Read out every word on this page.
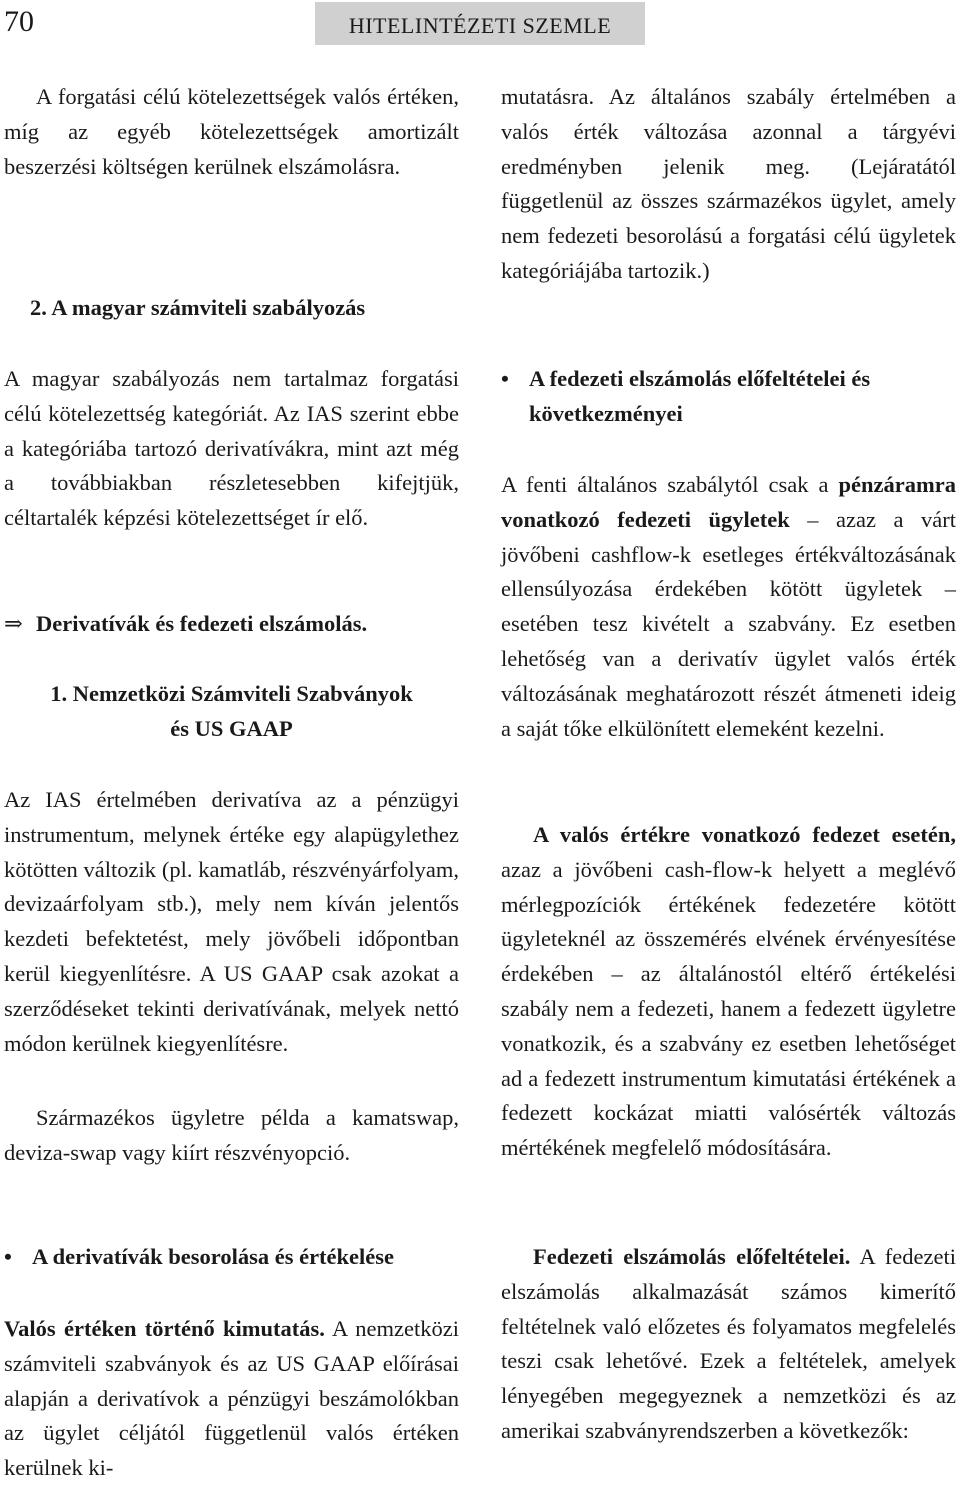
70	HITELINTÉZETI SZEMLE

A forgatási célú kötelezettségek valós értéken, míg az egyéb kötelezettségek amortizált beszerzési költségen kerülnek elszámolásra.

2. A magyar számviteli szabályozás

A magyar szabályozás nem tartalmaz forgatási célú kötelezettség kategóriát. Az IAS szerint ebbe a kategóriába tartozó derivatívákra, mint azt még a továbbiakban részletesebben kifejtjük, céltartalék képzési kötelezettséget ír elő.

⇒ Derivatívák és fedezeti elszámolás.
1. Nemzetközi Számviteli Szabványok
és US GAAP

Az IAS értelmében derivatíva az a pénzügyi instrumentum, melynek értéke egy alapügylethez kötötten változik (pl. kamatláb, részvényárfolyam, devizaárfolyam stb.), mely nem kíván jelentős kezdeti befektetést, mely jövőbeli időpontban kerül kiegyenlítésre. A US GAAP csak azokat a szerződéseket tekinti derivatívának, melyek nettó módon kerülnek kiegyenlítésre.

Származékos ügyletre példa a kamatswap, deviza-swap vagy kiírt részvényopció.

• A derivatívák besorolása és értékelése

Valós értéken történő kimutatás. A nemzetközi számviteli szabványok és az US GAAP előírásai alapján a derivatívok a pénzügyi beszámolókban az ügylet céljától függetlenül valós értéken kerülnek ki-

mutatásra. Az általános szabály értelmében a valós érték változása azonnal a tárgyévi eredményben jelenik meg. (Lejáratától függetlenül az összes származékos ügylet, amely nem fedezeti besorolású a forgatási célú ügyletek kategóriájába tartozik.)

• A fedezeti elszámolás előfeltételei és következményei

A fenti általános szabálytól csak a pénzáramra vonatkozó fedezeti ügyletek – azaz a várt jövőbeni cashflow-k esetleges értékváltozásának ellensúlyozása érdekében kötött ügyletek – esetében tesz kivételt a szabvány. Ez esetben lehetőség van a derivatív ügylet valós érték változásának meghatározott részét átmeneti ideig a saját tőke elkülönített elemeként kezelni.

A valós értékre vonatkozó fedezet esetén, azaz a jövőbeni cash-flow-k helyett a meglévő mérlegpozíciók értékének fedezetére kötött ügyleteknél az összemérés elvének érvényesítése érdekében – az általánostól eltérő értékelési szabály nem a fedezeti, hanem a fedezett ügyletre vonatkozik, és a szabvány ez esetben lehetőséget ad a fedezett instrumentum kimutatási értékének a fedezett kockázat miatti valósérték változás mértékének megfelelő módosítására.

Fedezeti elszámolás előfeltételei. A fedezeti elszámolás alkalmazását számos kimerítő feltételnek való előzetes és folyamatos megfelelés teszi csak lehetővé. Ezek a feltételek, amelyek lényegében megegyeznek a nemzetközi és az amerikai szabványrendszerben a következők:
